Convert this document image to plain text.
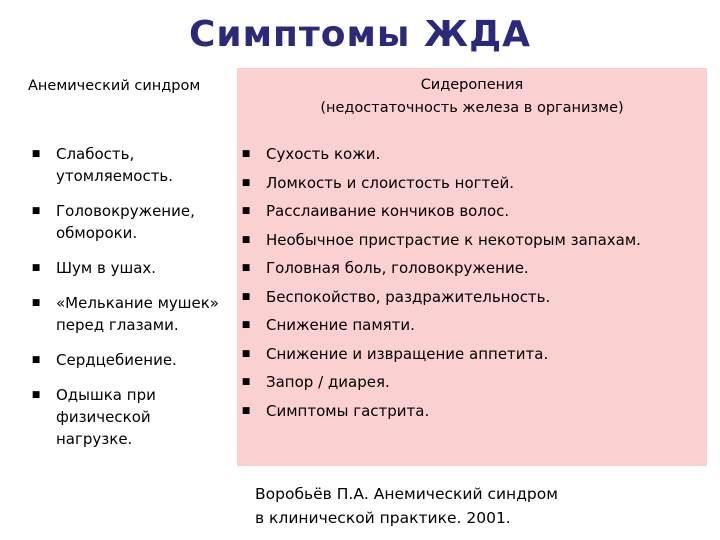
Симптомы ЖДА
Анемический синдром	Сидеропения
(недостаточность железа в организме)
■ Слабость,
утомляемость.
■ Головокружение,
обмороки.
■ Шум в ушах.
■ «Мелькание мушек»
перед глазами.
■ Сердцебиение.
■ Одышка при
физической
нагрузке.
■ Сухость кожи.
■ Ломкость и слоистость ногтей.
■ Расслаивание кончиков волос.
■ Необычное пристрастие к некоторым запахам.
■ Головная боль, головокружение.
■ Беспокойство, раздражительность.
■ Снижение памяти.
■ Снижение и извращение аппетита.
■ Запор / диарея.
■ Симптомы гастрита.
Воробьёв П.А. Анемический синдром
в клинической практике. 2001.
